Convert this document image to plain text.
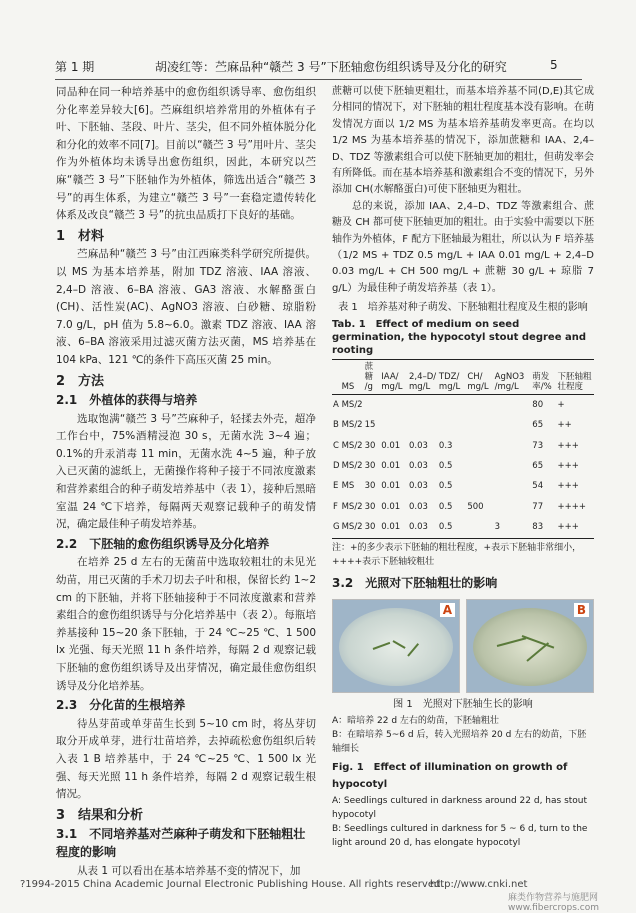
第 1 期	胡凌红等：苎麻品种“赣苎 3 号”下胚轴愈伤组织诱导及分化的研究	5

同品种在同一种培养基中的愈伤组织诱导率、愈伤组织分化率差异较大[6]。苎麻组织培养常用的外植体有子叶、下胚轴、茎段、叶片、茎尖，但不同外植体脱分化和分化的效率不同[7]。目前以“赣苎 3 号”用叶片、茎尖作为外植体均未诱导出愈伤组织，因此，本研究以苎麻“赣苎 3 号”下胚轴作为外植体，筛选出适合“赣苎 3 号”的再生体系，为建立“赣苎 3 号”一套稳定遗传转化体系及改良“赣苎 3 号”的抗虫品质打下良好的基础。

1　材料

苎麻品种“赣苎 3 号”由江西麻类科学研究所提供。以 MS 为基本培养基，附加 TDZ 溶液、IAA 溶液、2,4–D 溶液、6–BA 溶液、GA3 溶液、水解酪蛋白(CH)、活性炭(AC)、AgNO3 溶液、白砂糖、琼脂粉 7.0 g/L，pH 值为 5.8~6.0。激素 TDZ 溶液、IAA 溶液、6–BA 溶液采用过滤灭菌方法灭菌，MS 培养基在 104 kPa、121 ℃的条件下高压灭菌 25 min。

2　方法
2.1　外植体的获得与培养

选取饱满“赣苎 3 号”苎麻种子，轻揉去外壳，超净工作台中，75%酒精浸泡 30 s，无菌水洗 3~4 遍；0.1%的升汞消毒 11 min，无菌水洗 4~5 遍，种子放入已灭菌的滤纸上，无菌操作将种子接于不同浓度激素和营养素组合的种子萌发培养基中（表 1），接种后黑暗室温 24 ℃下培养，每隔两天观察记载种子的萌发情况，确定最佳种子萌发培养基。

2.2　下胚轴的愈伤组织诱导及分化培养

在培养 25 d 左右的无菌苗中选取较粗壮的未见光幼苗，用已灭菌的手术刀切去子叶和根，保留长约 1~2 cm 的下胚轴，并将下胚轴接种于不同浓度激素和营养素组合的愈伤组织诱导与分化培养基中（表 2）。每瓶培养基接种 15~20 条下胚轴，于 24 ℃~25 ℃、1 500 lx 光强、每天光照 11 h 条件培养，每隔 2 d 观察记载下胚轴的愈伤组织诱导及出芽情况，确定最佳愈伤组织诱导及分化培养基。

2.3　分化苗的生根培养

待丛芽苗或单芽苗生长到 5~10 cm 时，将丛芽切取分开成单芽，进行壮苗培养，去掉疏松愈伤组织后转入表 1 B 培养基中，于 24 ℃~25 ℃、1 500 lx 光强、每天光照 11 h 条件培养，每隔 2 d 观察记载生根情况。

3　结果和分析
3.1　不同培养基对苎麻种子萌发和下胚轴粗壮程度的影响

从表 1 可以看出在基本培养基不变的情况下，加

蔗糖可以使下胚轴更粗壮，而基本培养基不同(D,E)其它成分相同的情况下，对下胚轴的粗壮程度基本没有影响。在萌发情况方面以 1/2 MS 为基本培养基萌发率更高。在均以 1/2 MS 为基本培养基的情况下，添加蔗糖和 IAA、2,4–D、TDZ 等激素组合可以使下胚轴更加的粗壮，但萌发率会有所降低。而在基本培养基和激素组合不变的情况下，另外添加 CH(水解酪蛋白)可使下胚轴更为粗壮。

总的来说，添加 IAA、2,4–D、TDZ 等激素组合、蔗糖及 CH 都可使下胚轴更加的粗壮。由于实验中需要以下胚轴作为外植体，F 配方下胚轴最为粗壮，所以认为 F 培养基（1/2 MS + TDZ 0.5 mg/L + IAA 0.01 mg/L + 2,4–D 0.03 mg/L + CH 500 mg/L + 蔗糖 30 g/L + 琼脂 7 g/L）为最佳种子萌发培养基（表 1）。

表 1　培养基对种子萌发、下胚轴粗壮程度及生根的影响
Tab. 1　Effect of medium on seed germination, the hypocotyl stout degree and rooting
	MS	蔗糖 /g	IAA/ mg/L	2,4–D/ mg/L	TDZ/ mg/L	CH/ mg/L	AgNO3 /mg/L	萌发率/%	下胚轴粗壮程度
A	MS/2							80	+
B	MS/2	15						65	++
C	MS/2	30	0.01	0.03	0.3			73	+++
D	MS/2	30	0.01	0.03	0.5			65	+++
E	MS	30	0.01	0.03	0.5			54	+++
F	MS/2	30	0.01	0.03	0.5	500		77	++++
G	MS/2	30	0.01	0.03	0.5		3	83	+++
注：+的多少表示下胚轴的粗壮程度，+表示下胚轴非常细小，++++表示下胚轴较粗壮
3.2　光照对下胚轴粗壮的影响
A	B
图 1　光照对下胚轴生长的影响
A：暗培养 22 d 左右的幼苗，下胚轴粗壮
B：在暗培养 5~6 d 后，转入光照培养 20 d 左右的幼苗，下胚轴细长
Fig. 1　Effect of illumination on growth of hypocotyl
A: Seedlings cultured in darkness around 22 d, has stout hypocotyl
B: Seedlings cultured in darkness for 5 ~ 6 d, turn to the light around 20 d, has elongate hypocotyl
?1994-2015 China Academic Journal Electronic Publishing House. All rights reserved.
http://www.cnki.net
麻类作物营养与施肥网 www.fibercrops.com
